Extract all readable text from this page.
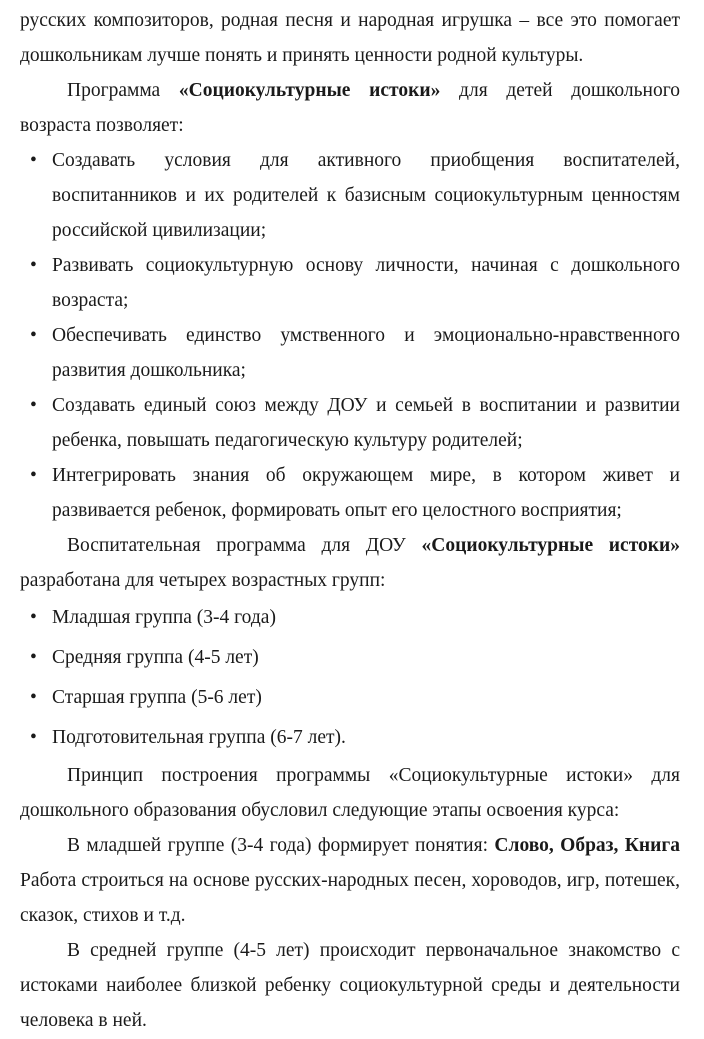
русских композиторов, родная песня и народная игрушка – все это помогает дошкольникам лучше понять и принять ценности родной культуры.
Программа «Социокультурные истоки» для детей дошкольного возраста позволяет:
• Создавать условия для активного приобщения воспитателей, воспитанников и их родителей к базисным социокультурным ценностям российской цивилизации;
• Развивать социокультурную основу личности, начиная с дошкольного возраста;
• Обеспечивать единство умственного и эмоционально-нравственного развития дошкольника;
• Создавать единый союз между ДОУ и семьей в воспитании и развитии ребенка, повышать педагогическую культуру родителей;
• Интегрировать знания об окружающем мире, в котором живет и развивается ребенок, формировать опыт его целостного восприятия;
Воспитательная программа для ДОУ «Социокультурные истоки» разработана для четырех возрастных групп:
• Младшая группа (3-4 года)
• Средняя группа (4-5 лет)
• Старшая группа (5-6 лет)
• Подготовительная группа (6-7 лет).
Принцип построения программы «Социокультурные истоки» для дошкольного образования обусловил следующие этапы освоения курса:
В младшей группе (3-4 года) формирует понятия: Слово, Образ, Книга Работа строиться на основе русских-народных песен, хороводов, игр, потешек, сказок, стихов и т.д.
В средней группе (4-5 лет) происходит первоначальное знакомство с истоками наиболее близкой ребенку социокультурной среды и деятельности человека в ней.
